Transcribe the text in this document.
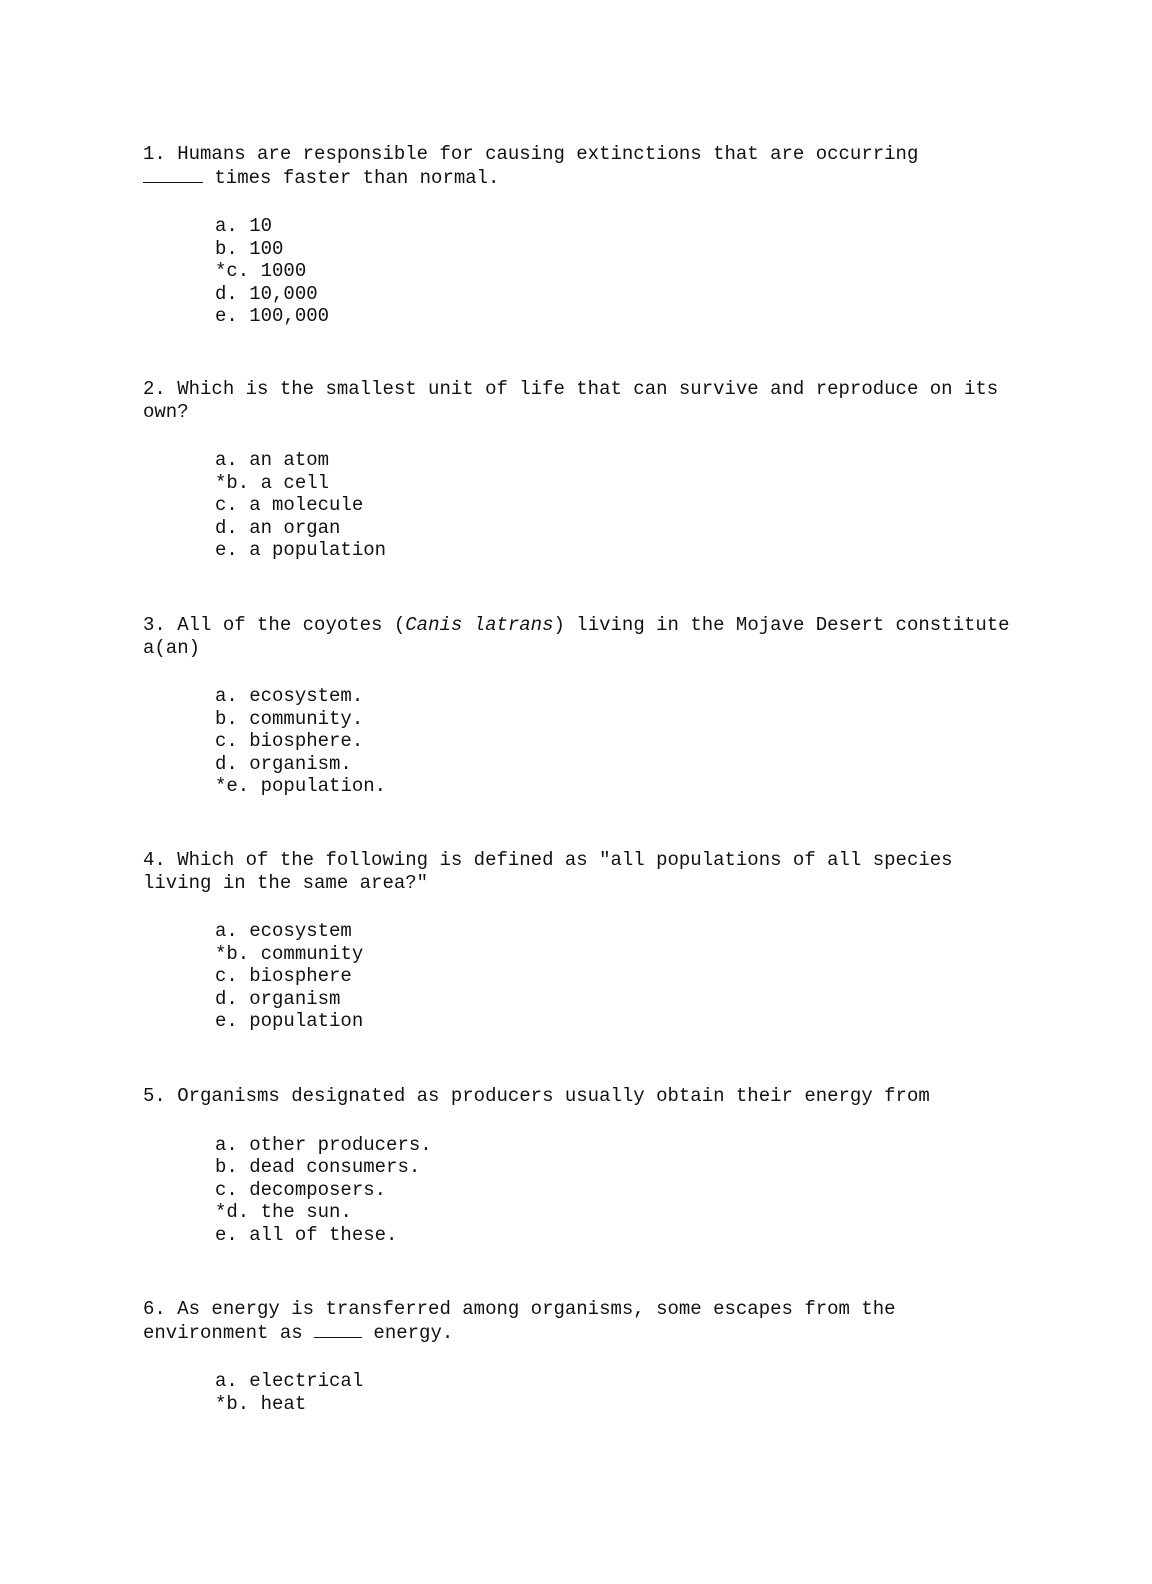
1. Humans are responsible for causing extinctions that are occurring
times faster than normal.

a. 10
b. 100
*c. 1000
d. 10,000
e. 100,000

2. Which is the smallest unit of life that can survive and reproduce on its own?

a. an atom
*b. a cell
c. a molecule
d. an organ
e. a population

3. All of the coyotes (Canis latrans) living in the Mojave Desert constitute a(an)

a. ecosystem.
b. community.
c. biosphere.
d. organism.
*e. population.

4. Which of the following is defined as "all populations of all species living in the same area?"

a. ecosystem
*b. community
c. biosphere
d. organism
e. population

5. Organisms designated as producers usually obtain their energy from

a. other producers.
b. dead consumers.
c. decomposers.
*d. the sun.
e. all of these.

6. As energy is transferred among organisms, some escapes from the environment as	energy.

a. electrical
*b. heat
